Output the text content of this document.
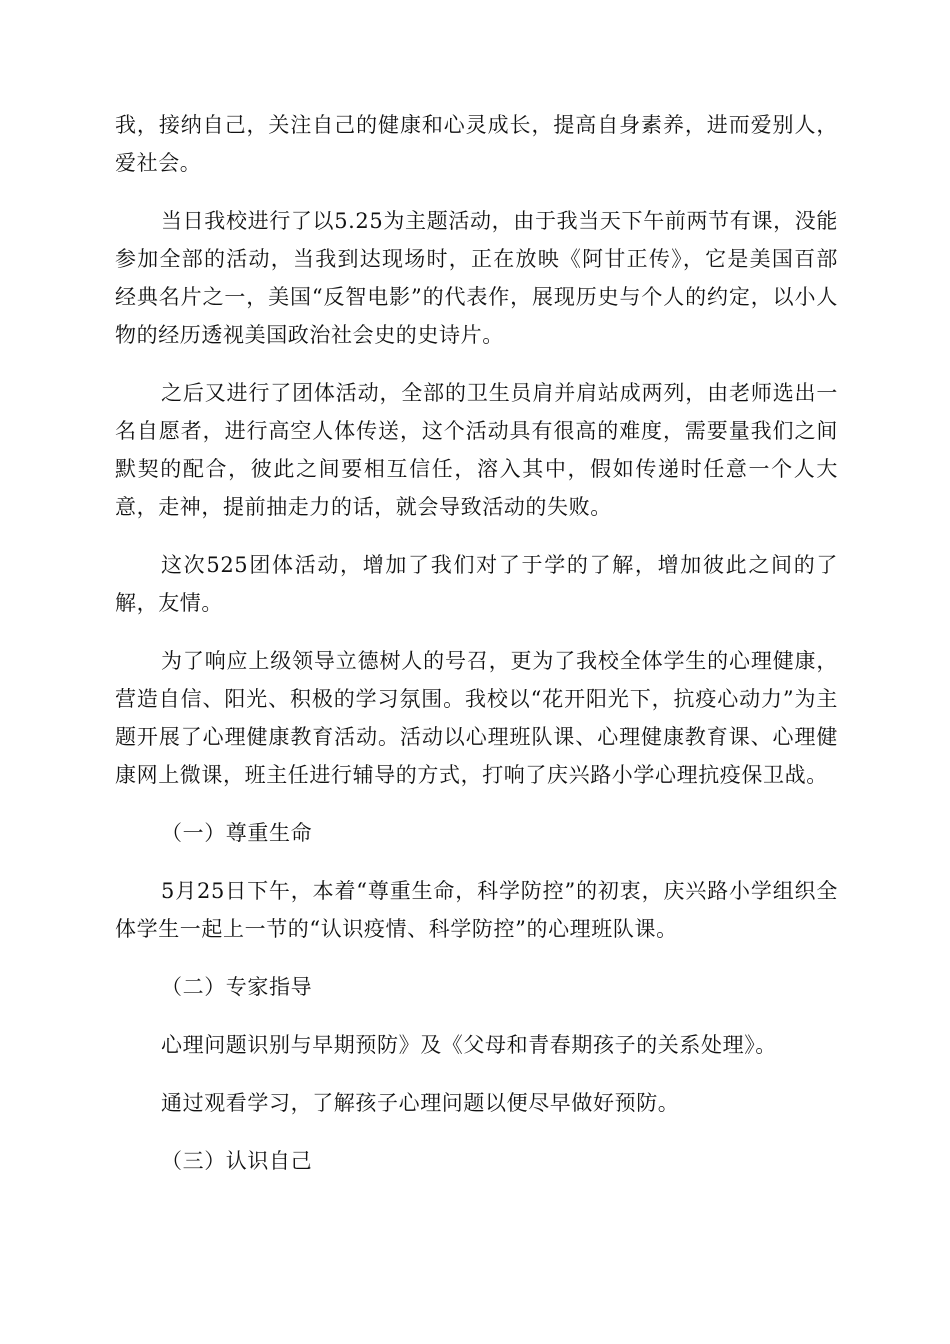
我，接纳自己，关注自己的健康和心灵成长，提高自身素养，进而爱别人，爱社会。

当日我校进行了以5.25为主题活动，由于我当天下午前两节有课，没能参加全部的活动，当我到达现场时，正在放映《阿甘正传》，它是美国百部经典名片之一，美国“反智电影”的代表作，展现历史与个人的约定，以小人物的经历透视美国政治社会史的史诗片。

之后又进行了团体活动，全部的卫生员肩并肩站成两列，由老师选出一名自愿者，进行高空人体传送，这个活动具有很高的难度，需要量我们之间默契的配合，彼此之间要相互信任，溶入其中，假如传递时任意一个人大意，走神，提前抽走力的话，就会导致活动的失败。

这次525团体活动，增加了我们对了于学的了解，增加彼此之间的了解，友情。

为了响应上级领导立德树人的号召，更为了我校全体学生的心理健康，营造自信、阳光、积极的学习氛围。我校以“花开阳光下，抗疫心动力”为主题开展了心理健康教育活动。活动以心理班队课、心理健康教育课、心理健康网上微课，班主任进行辅导的方式，打响了庆兴路小学心理抗疫保卫战。

（一）尊重生命

5月25日下午，本着“尊重生命，科学防控”的初衷，庆兴路小学组织全体学生一起上一节的“认识疫情、科学防控”的心理班队课。

（二）专家指导

心理问题识别与早期预防》及《父母和青春期孩子的关系处理》。

通过观看学习，了解孩子心理问题以便尽早做好预防。

（三）认识自己
